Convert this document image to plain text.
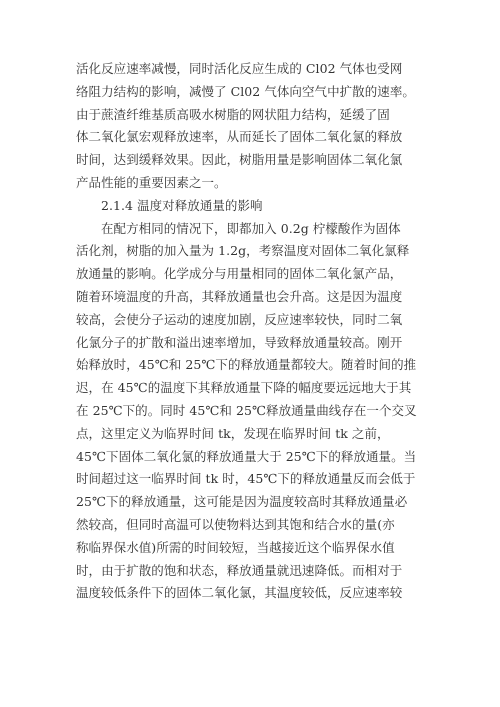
活化反应速率减慢，同时活化反应生成的 Cl02 气体也受网
络阻力结构的影响，减慢了 Cl02 气体向空气中扩散的速率。
由于蔗渣纤维基质高吸水树脂的网状阻力结构，延缓了固
体二氧化氯宏观释放速率，从而延长了固体二氧化氯的释放
时间，达到缓释效果。因此，树脂用量是影响固体二氧化氯
产品性能的重要因素之一。
2.1.4 温度对释放通量的影响
在配方相同的情况下，即都加入 0.2g 柠檬酸作为固体
活化剂，树脂的加入量为 1.2g，考察温度对固体二氧化氯释
放通量的影响。化学成分与用量相同的固体二氧化氯产品，
随着环境温度的升高，其释放通量也会升高。这是因为温度
较高，会使分子运动的速度加剧，反应速率较快，同时二氧
化氯分子的扩散和溢出速率增加，导致释放通量较高。刚开
始释放时，45℃和 25℃下的释放通量都较大。随着时间的推
迟，在 45℃的温度下其释放通量下降的幅度要远远地大于其
在 25℃下的。同时 45℃和 25℃释放通量曲线存在一个交叉
点，这里定义为临界时间 tk，发现在临界时间 tk 之前，
45℃下固体二氧化氯的释放通量大于 25℃下的释放通量。当
时间超过这一临界时间 tk 时，45℃下的释放通量反而会低于
25℃下的释放通量，这可能是因为温度较高时其释放通量必
然较高，但同时高温可以使物料达到其饱和结合水的量(亦
称临界保水值)所需的时间较短，当越接近这个临界保水值
时，由于扩散的饱和状态，释放通量就迅速降低。而相对于
温度较低条件下的固体二氧化氯，其温度较低，反应速率较
